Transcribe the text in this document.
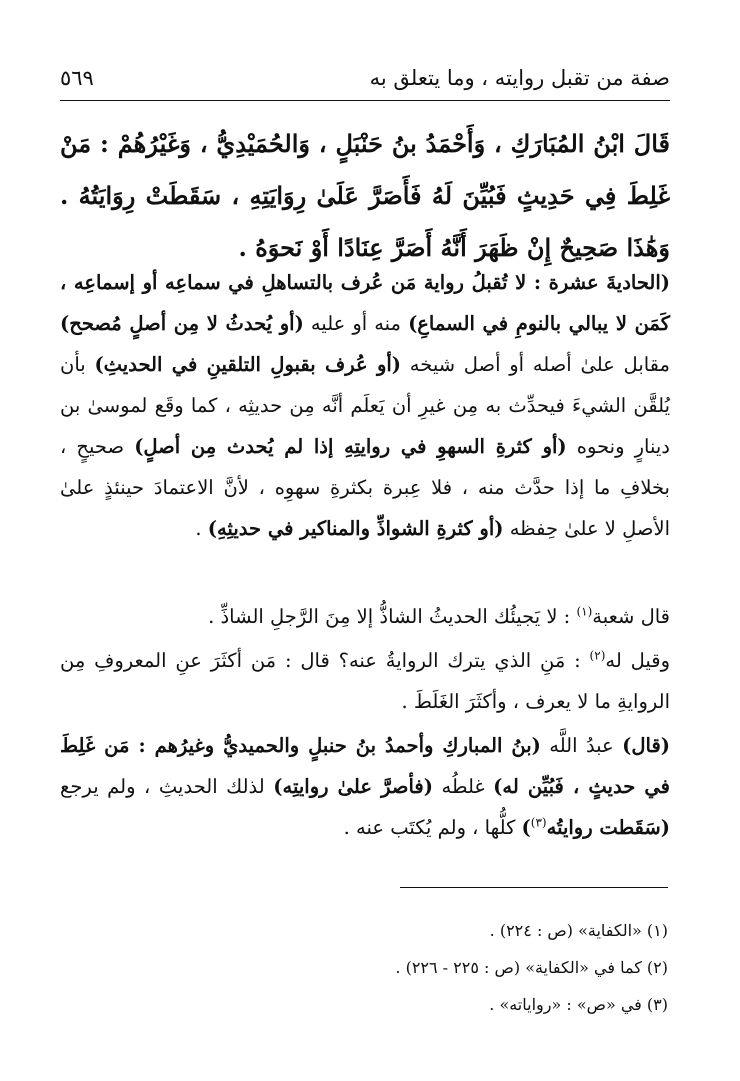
صفة من تقبل روايته ، وما يتعلق به
٥٦٩
قَالَ ابْنُ المُبَارَكِ ، وَأَحْمَدُ بنُ حَنْبَلٍ ، وَالحُمَيْدِيُّ ، وَغَيْرُهُمْ : مَنْ غَلِطَ فِي حَدِيثٍ فَبُيِّنَ لَهُ فَأَصَرَّ عَلَىٰ رِوَايَتِهِ ، سَقَطَتْ رِوَايَتُهُ . وَهَٰذَا صَحِيحٌ إِنْ ظَهَرَ أَنَّهُ أَصَرَّ عِنَادًا أَوْ نَحوَهُ .
(الحاديةَ عشرة : لا تُقبلُ رواية مَن عُرف بالتساهلِ في سماعِه أو إسماعِه ، كَمَن لا يبالي بالنومِ في السماعِ) منه أو عليه (أو يُحدثُ لا مِن أصلٍ مُصحح) مقابل علىٰ أصله أو أصل شيخه (أو عُرف بقبولِ التلقينِ في الحديثِ) بأن يُلقَّن الشيءَ فيحدِّث به مِن غيرِ أن يَعلَم أنَّه مِن حديثِه ، كما وقَع لموسىٰ بن دينارٍ ونحوه (أو كثرةِ السهوِ في روايتِهِ إذا لم يُحدث مِن أصلٍ) صحيحٍ ، بخلافِ ما إذا حدَّث منه ، فلا عِبرة بكثرةِ سهوِه ، لأنَّ الاعتمادَ حينئذٍ علىٰ الأصلِ لا علىٰ حِفظه (أو كثرةِ الشواذِّ والمناكير في حديثِهِ) .
قال شعبة$^{(١)}$ : لا يَجيئُك الحديثُ الشاذُّ إلا مِنَ الرَّجلِ الشاذِّ .
وقيل له$^{(٢)}$ : مَنِ الذي يترك الروايةُ عنه؟ قال : مَن أكثَرَ عنِ المعروفِ مِن الروايةِ ما لا يعرف ، وأكثَرَ الغَلَطَ .
(قال) عبدُ اللَّه (بنُ المباركِ وأحمدُ بنُ حنبلٍ والحميديُّ وغيرُهم : مَن غَلِطَ في حديثٍ ، فَبُيِّن له) غلطُه (فأصرَّ علىٰ روايتِه) لذلك الحديثِ ، ولم يرجع (سَقَطت روايتُه$^{(٣)}$) كلُّها ، ولم يُكتَب عنه .
(١) «الكفاية» (ص : ٢٢٤) .
(٢) كما في «الكفاية» (ص : ٢٢٥ - ٢٢٦) .
(٣) في «ص» : «رواياته» .
